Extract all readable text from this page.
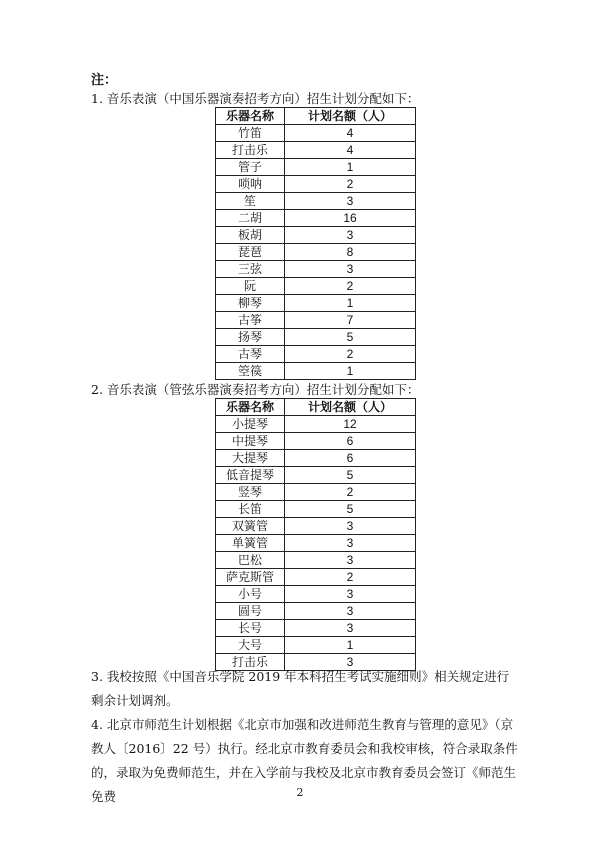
注：
1. 音乐表演（中国乐器演奏招考方向）招生计划分配如下：
乐器名称	计划名额（人）
竹笛	4
打击乐	4
管子	1
唢呐	2
笙	3
二胡	16
板胡	3
琵琶	8
三弦	3
阮	2
柳琴	1
古筝	7
扬琴	5
古琴	2
箜篌	1
2. 音乐表演（管弦乐器演奏招考方向）招生计划分配如下：
乐器名称	计划名额（人）
小提琴	12
中提琴	6
大提琴	6
低音提琴	5
竖琴	2
长笛	5
双簧管	3
单簧管	3
巴松	3
萨克斯管	2
小号	3
圆号	3
长号	3
大号	1
打击乐	3
3. 我校按照《中国音乐学院 2019 年本科招生考试实施细则》相关规定进行剩余计划调剂。
4. 北京市师范生计划根据《北京市加强和改进师范生教育与管理的意见》（京教人〔2016〕22 号）执行。经北京市教育委员会和我校审核，符合录取条件的，录取为免费师范生，并在入学前与我校及北京市教育委员会签订《师范生免费	2
